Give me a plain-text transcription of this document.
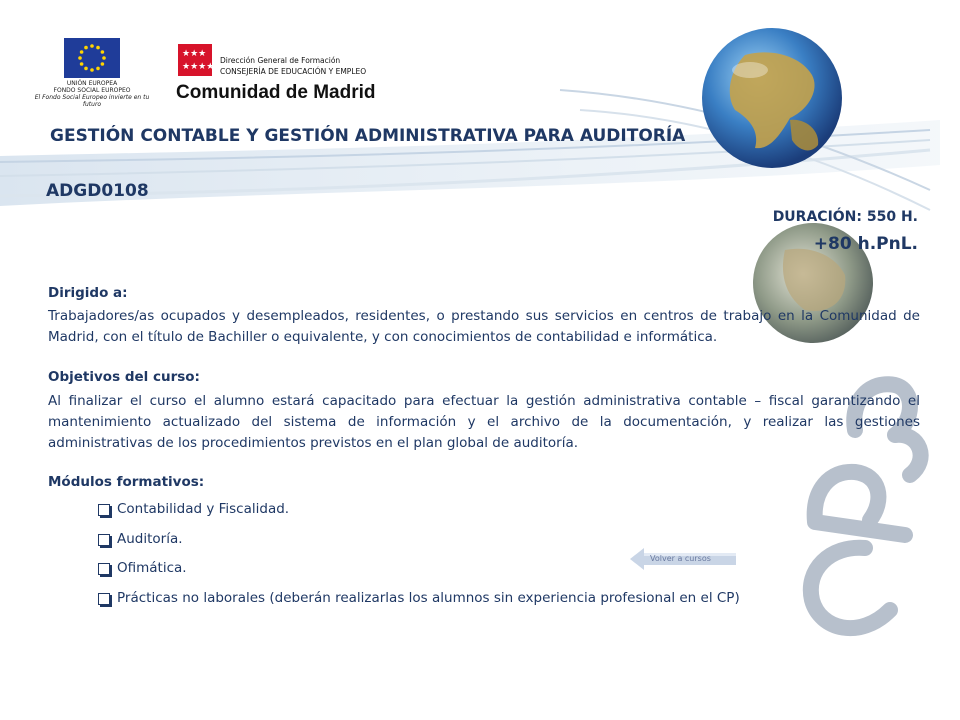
UNIÓN EUROPEA
FONDO SOCIAL EUROPEO
El Fondo Social Europeo invierte en tu futuro
★★★
★★★★
Dirección General de Formación
CONSEJERÍA DE EDUCACIÓN Y EMPLEO
Comunidad de Madrid
GESTIÓN CONTABLE Y GESTIÓN ADMINISTRATIVA PARA AUDITORÍA
ADGD0108
DURACIÓN: 550 H.
+80 h.PnL.
Dirigido a:
Trabajadores/as ocupados y desempleados, residentes, o prestando sus servicios en centros de trabajo en la Comunidad de Madrid, con el título de Bachiller o equivalente, y con conocimientos de contabilidad e informática.
Objetivos del curso:
Al finalizar el curso el alumno estará capacitado para efectuar la gestión administrativa contable – fiscal garantizando el mantenimiento actualizado del sistema de información y el archivo de la documentación, y realizar las gestiones administrativas de los procedimientos previstos en el plan global de auditoría.
Módulos formativos:
Contabilidad y Fiscalidad.
Auditoría.
Ofimática.
Prácticas no laborales (deberán realizarlas los alumnos sin experiencia profesional en el CP)
Volver a cursos
